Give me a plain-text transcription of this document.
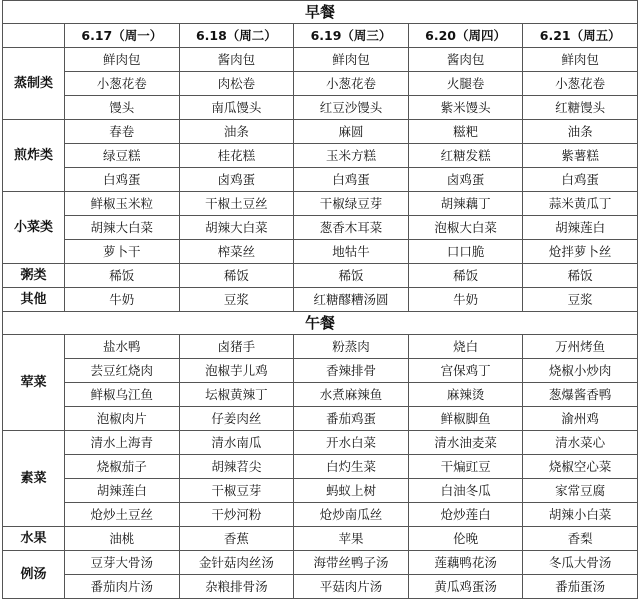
早餐					
	6.17（周一）	6.18（周二）	6.19（周三）	6.20（周四）	6.21（周五）
蒸制类	鲜肉包	酱肉包	鲜肉包	酱肉包	鲜肉包
	小葱花卷	肉松卷	小葱花卷	火腿卷	小葱花卷
	馒头	南瓜馒头	红豆沙馒头	紫米馒头	红糖馒头
煎炸类	春卷	油条	麻圆	糍粑	油条
	绿豆糕	桂花糕	玉米方糕	红糖发糕	紫薯糕
	白鸡蛋	卤鸡蛋	白鸡蛋	卤鸡蛋	白鸡蛋
小菜类	鲜椒玉米粒	干椒土豆丝	干椒绿豆芽	胡辣藕丁	蒜米黄瓜丁
	胡辣大白菜	胡辣大白菜	葱香木耳菜	泡椒大白菜	胡辣莲白
	萝卜干	榨菜丝	地牯牛	口口脆	炝拌萝卜丝
粥类	稀饭	稀饭	稀饭	稀饭	稀饭
其他	牛奶	豆浆	红糖醪糟汤圆	牛奶	豆浆
午餐					
荤菜	盐水鸭	卤猪手	粉蒸肉	烧白	万州烤鱼
	芸豆红烧肉	泡椒芋儿鸡	香辣排骨	宫保鸡丁	烧椒小炒肉
	鲜椒乌江鱼	坛椒黄辣丁	水煮麻辣鱼	麻辣烫	葱爆酱香鸭
	泡椒肉片	仔姜肉丝	番茄鸡蛋	鲜椒脚鱼	渝州鸡
素菜	清水上海青	清水南瓜	开水白菜	清水油麦菜	清水菜心
	烧椒茄子	胡辣苕尖	白灼生菜	干煸豇豆	烧椒空心菜
	胡辣莲白	干椒豆芽	蚂蚁上树	白油冬瓜	家常豆腐
	炝炒土豆丝	干炒河粉	炝炒南瓜丝	炝炒莲白	胡辣小白菜
水果	油桃	香蕉	苹果	伦晚	香梨
例汤	豆芽大骨汤	金针菇肉丝汤	海带丝鸭子汤	莲藕鸭花汤	冬瓜大骨汤
	番茄肉片汤	杂粮排骨汤	平菇肉片汤	黄瓜鸡蛋汤	番茄蛋汤
